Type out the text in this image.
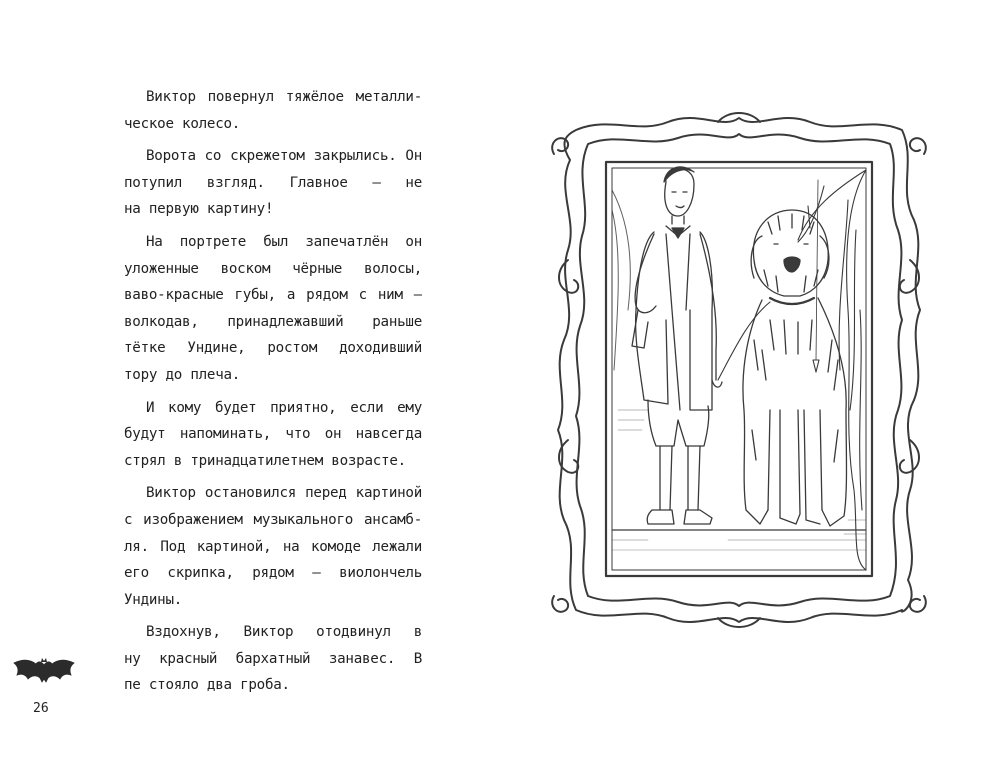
Виктор повернул тяжёлое металли-
ческое колесо.
Ворота со скрежетом закрылись. Он
потупил взгляд. Главное — не
на первую картину!
На портрете был запечатлён он
уложенные воском чёрные волосы,
ваво-красные губы, а рядом с ним —
волкодав, принадлежавший раньше
тётке Ундине, ростом доходивший
тору до плеча.
И кому будет приятно, если ему
будут напоминать, что он навсегда
стрял в тринадцатилетнем возрасте.
Виктор остановился перед картиной
с изображением музыкального ансамб-
ля. Под картиной, на комоде лежали
его скрипка, рядом — виолончель
Ундины.
Вздохнув, Виктор отодвинул в
ну красный бархатный занавес. В
пе стояло два гроба.
26
